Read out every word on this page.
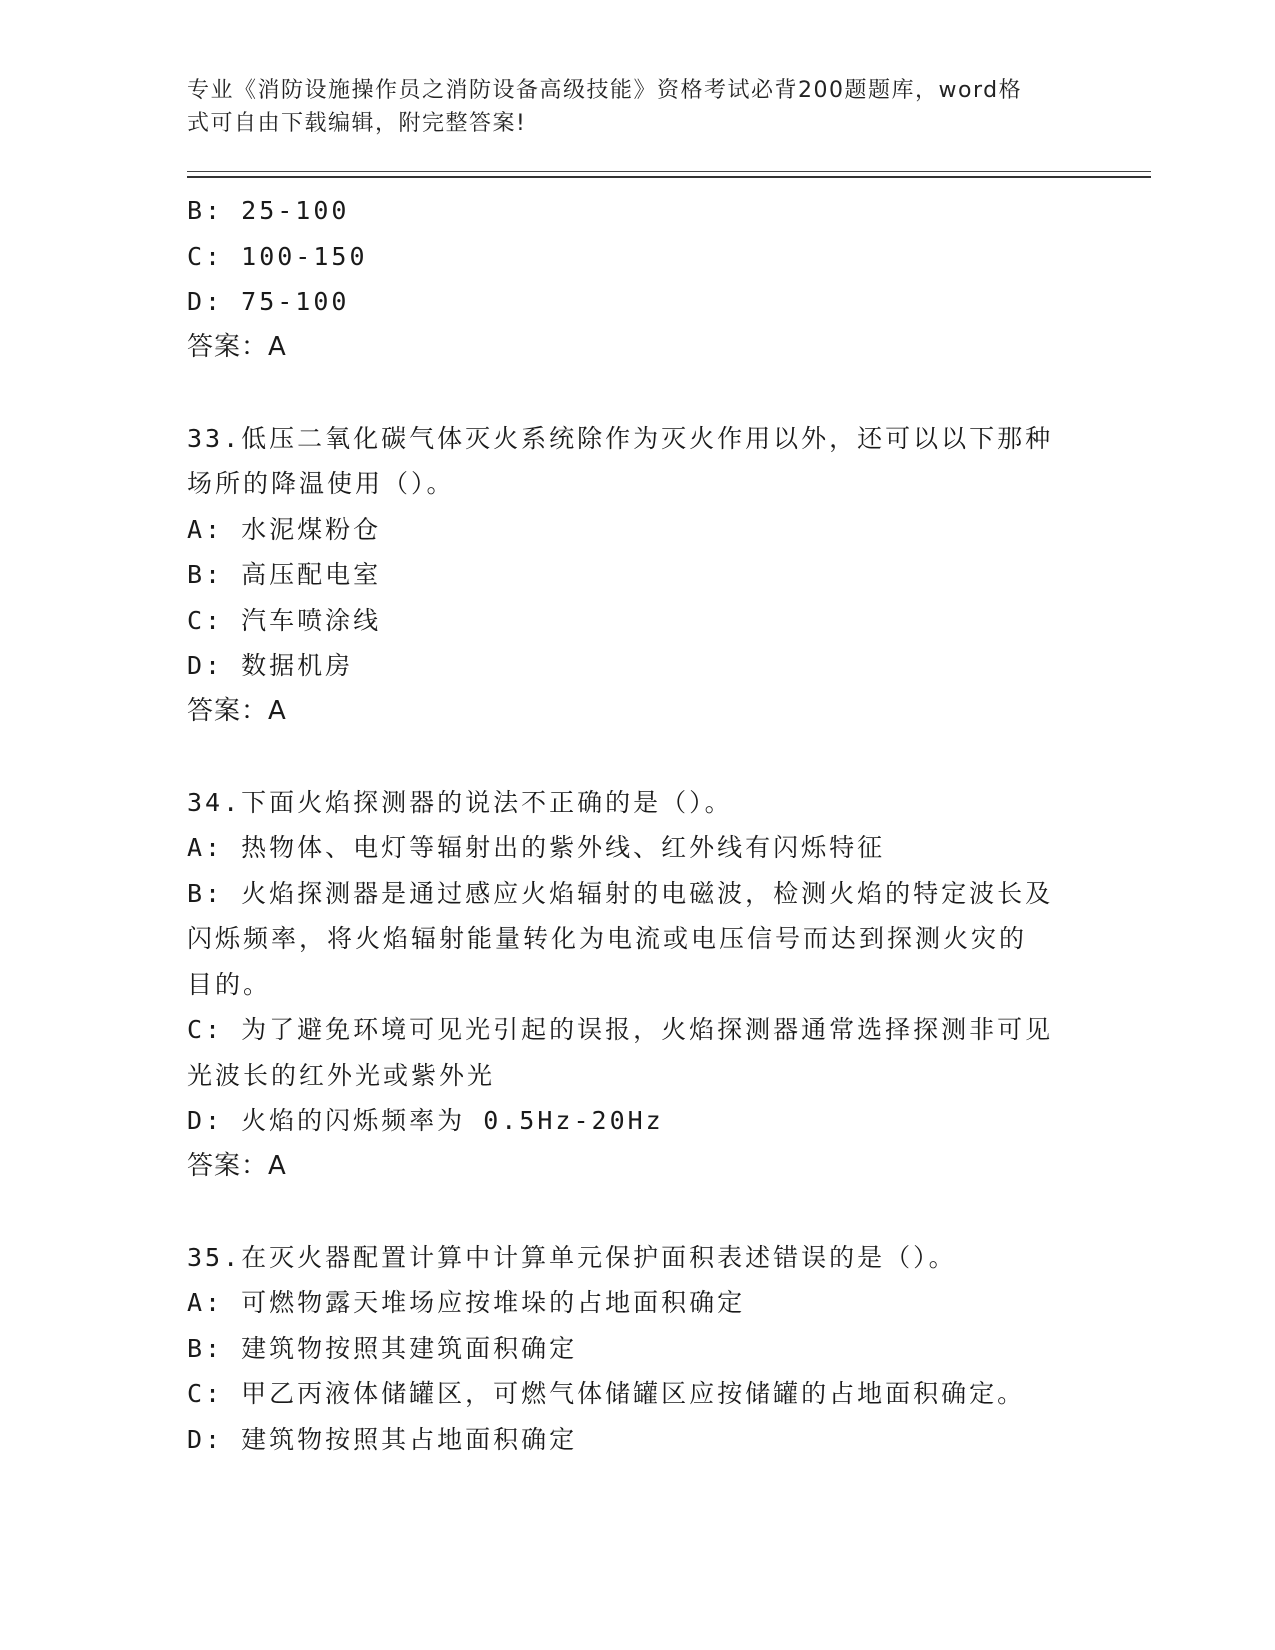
专业《消防设施操作员之消防设备高级技能》资格考试必背200题题库，word格
式可自由下载编辑，附完整答案!
B: 25-100
C: 100-150
D: 75-100
答案：A
33.低压二氧化碳气体灭火系统除作为灭火作用以外，还可以以下那种
场所的降温使用（）。
A: 水泥煤粉仓
B: 高压配电室
C: 汽车喷涂线
D: 数据机房
答案：A
34.下面火焰探测器的说法不正确的是（）。
A: 热物体、电灯等辐射出的紫外线、红外线有闪烁特征
B: 火焰探测器是通过感应火焰辐射的电磁波，检测火焰的特定波长及
闪烁频率，将火焰辐射能量转化为电流或电压信号而达到探测火灾的
目的。
C: 为了避免环境可见光引起的误报，火焰探测器通常选择探测非可见
光波长的红外光或紫外光
D: 火焰的闪烁频率为 0.5Hz-20Hz
答案：A
35.在灭火器配置计算中计算单元保护面积表述错误的是（）。
A: 可燃物露天堆场应按堆垛的占地面积确定
B: 建筑物按照其建筑面积确定
C: 甲乙丙液体储罐区，可燃气体储罐区应按储罐的占地面积确定。
D: 建筑物按照其占地面积确定
